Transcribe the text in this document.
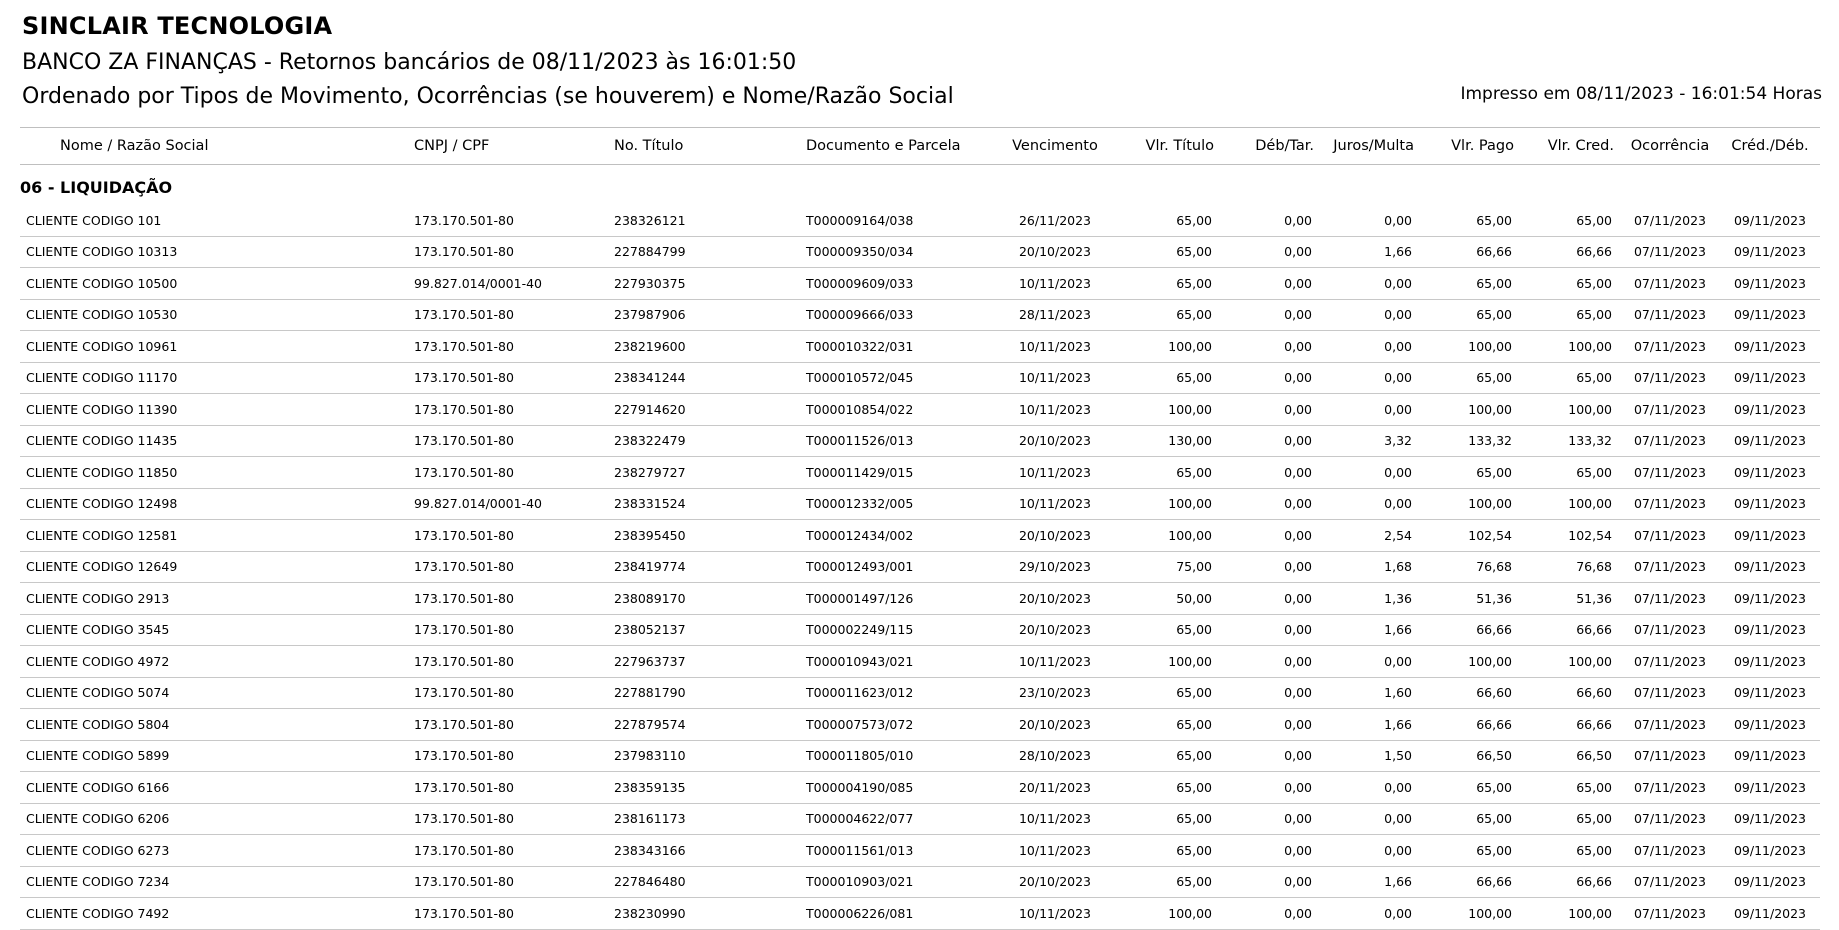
SINCLAIR TECNOLOGIA
BANCO ZA FINANÇAS - Retornos bancários de 08/11/2023 às 16:01:50
Ordenado por Tipos de Movimento, Ocorrências (se houverem) e Nome/Razão Social	Impresso em 08/11/2023 - 16:01:54 Horas
Nome / Razão Social	CNPJ / CPF	No. Título	Documento e Parcela	Vencimento	Vlr. Título	Déb/Tar.	Juros/Multa	Vlr. Pago	Vlr. Cred.	Ocorrência	Créd./Déb.
06 - LIQUIDAÇÃO											
CLIENTE CODIGO 101	173.170.501-80	238326121	T000009164/038	26/11/2023	65,00	0,00	0,00	65,00	65,00	07/11/2023	09/11/2023
CLIENTE CODIGO 10313	173.170.501-80	227884799	T000009350/034	20/10/2023	65,00	0,00	1,66	66,66	66,66	07/11/2023	09/11/2023
CLIENTE CODIGO 10500	99.827.014/0001-40	227930375	T000009609/033	10/11/2023	65,00	0,00	0,00	65,00	65,00	07/11/2023	09/11/2023
CLIENTE CODIGO 10530	173.170.501-80	237987906	T000009666/033	28/11/2023	65,00	0,00	0,00	65,00	65,00	07/11/2023	09/11/2023
CLIENTE CODIGO 10961	173.170.501-80	238219600	T000010322/031	10/11/2023	100,00	0,00	0,00	100,00	100,00	07/11/2023	09/11/2023
CLIENTE CODIGO 11170	173.170.501-80	238341244	T000010572/045	10/11/2023	65,00	0,00	0,00	65,00	65,00	07/11/2023	09/11/2023
CLIENTE CODIGO 11390	173.170.501-80	227914620	T000010854/022	10/11/2023	100,00	0,00	0,00	100,00	100,00	07/11/2023	09/11/2023
CLIENTE CODIGO 11435	173.170.501-80	238322479	T000011526/013	20/10/2023	130,00	0,00	3,32	133,32	133,32	07/11/2023	09/11/2023
CLIENTE CODIGO 11850	173.170.501-80	238279727	T000011429/015	10/11/2023	65,00	0,00	0,00	65,00	65,00	07/11/2023	09/11/2023
CLIENTE CODIGO 12498	99.827.014/0001-40	238331524	T000012332/005	10/11/2023	100,00	0,00	0,00	100,00	100,00	07/11/2023	09/11/2023
CLIENTE CODIGO 12581	173.170.501-80	238395450	T000012434/002	20/10/2023	100,00	0,00	2,54	102,54	102,54	07/11/2023	09/11/2023
CLIENTE CODIGO 12649	173.170.501-80	238419774	T000012493/001	29/10/2023	75,00	0,00	1,68	76,68	76,68	07/11/2023	09/11/2023
CLIENTE CODIGO 2913	173.170.501-80	238089170	T000001497/126	20/10/2023	50,00	0,00	1,36	51,36	51,36	07/11/2023	09/11/2023
CLIENTE CODIGO 3545	173.170.501-80	238052137	T000002249/115	20/10/2023	65,00	0,00	1,66	66,66	66,66	07/11/2023	09/11/2023
CLIENTE CODIGO 4972	173.170.501-80	227963737	T000010943/021	10/11/2023	100,00	0,00	0,00	100,00	100,00	07/11/2023	09/11/2023
CLIENTE CODIGO 5074	173.170.501-80	227881790	T000011623/012	23/10/2023	65,00	0,00	1,60	66,60	66,60	07/11/2023	09/11/2023
CLIENTE CODIGO 5804	173.170.501-80	227879574	T000007573/072	20/10/2023	65,00	0,00	1,66	66,66	66,66	07/11/2023	09/11/2023
CLIENTE CODIGO 5899	173.170.501-80	237983110	T000011805/010	28/10/2023	65,00	0,00	1,50	66,50	66,50	07/11/2023	09/11/2023
CLIENTE CODIGO 6166	173.170.501-80	238359135	T000004190/085	20/11/2023	65,00	0,00	0,00	65,00	65,00	07/11/2023	09/11/2023
CLIENTE CODIGO 6206	173.170.501-80	238161173	T000004622/077	10/11/2023	65,00	0,00	0,00	65,00	65,00	07/11/2023	09/11/2023
CLIENTE CODIGO 6273	173.170.501-80	238343166	T000011561/013	10/11/2023	65,00	0,00	0,00	65,00	65,00	07/11/2023	09/11/2023
CLIENTE CODIGO 7234	173.170.501-80	227846480	T000010903/021	20/10/2023	65,00	0,00	1,66	66,66	66,66	07/11/2023	09/11/2023
CLIENTE CODIGO 7492	173.170.501-80	238230990	T000006226/081	10/11/2023	100,00	0,00	0,00	100,00	100,00	07/11/2023	09/11/2023
